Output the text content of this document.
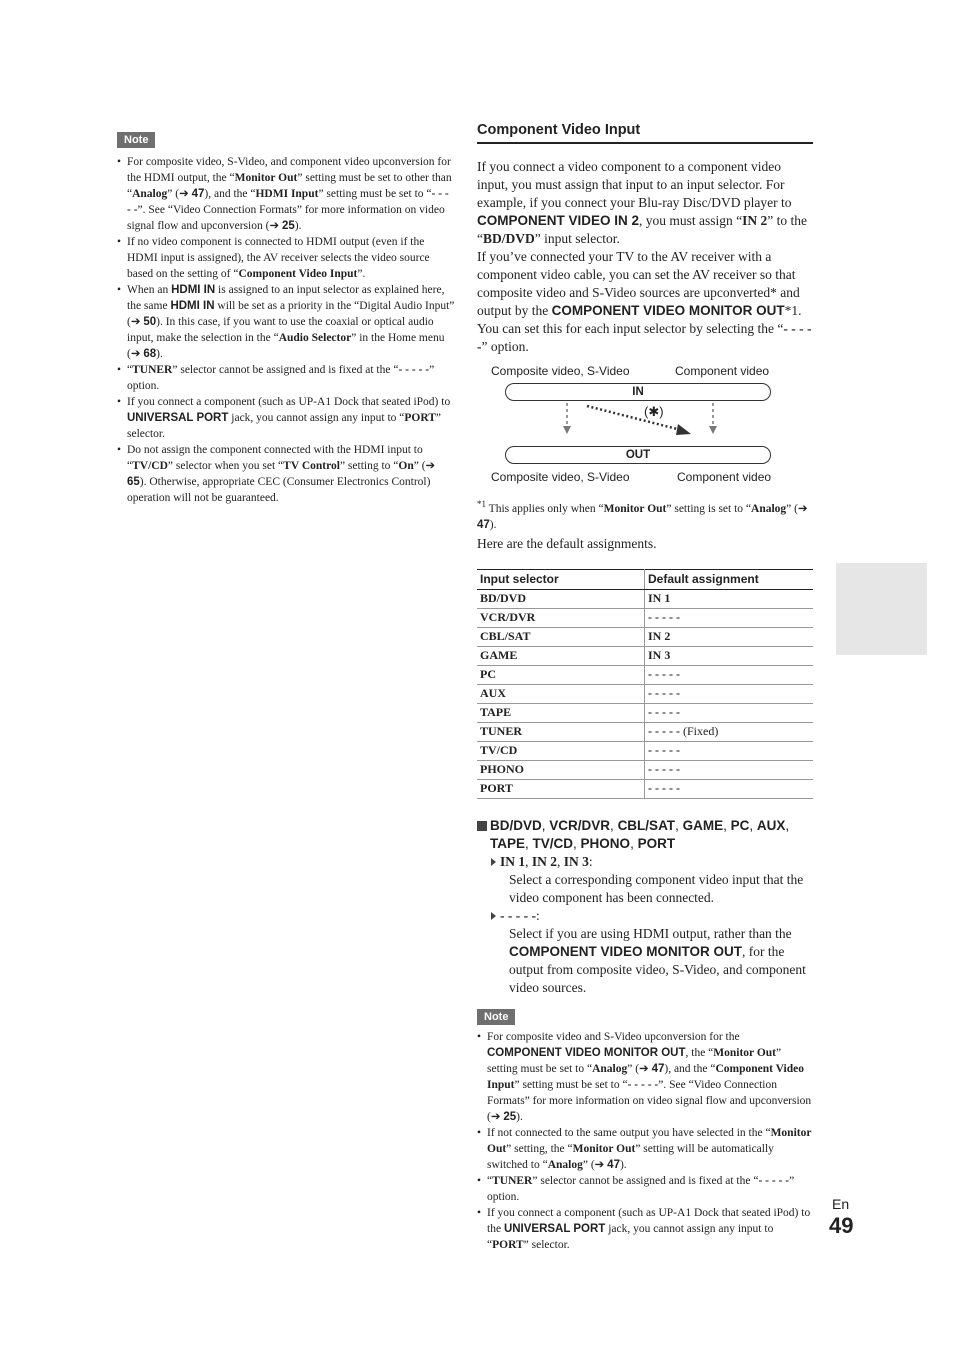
Note
• For composite video, S-Video, and component video upconversion for the HDMI output, the “Monitor Out” setting must be set to other than “Analog” (➔ 47), and the “HDMI Input” setting must be set to “- - - - -”. See “Video Connection Formats” for more information on video signal flow and upconversion (➔ 25).
• If no video component is connected to HDMI output (even if the HDMI input is assigned), the AV receiver selects the video source based on the setting of “Component Video Input”.
• When an HDMI IN is assigned to an input selector as explained here, the same HDMI IN will be set as a priority in the “Digital Audio Input” (➔ 50). In this case, if you want to use the coaxial or optical audio input, make the selection in the “Audio Selector” in the Home menu (➔ 68).
• “TUNER” selector cannot be assigned and is fixed at the “- - - - -” option.
• If you connect a component (such as UP-A1 Dock that seated iPod) to UNIVERSAL PORT jack, you cannot assign any input to “PORT” selector.
• Do not assign the component connected with the HDMI input to “TV/CD” selector when you set “TV Control” setting to “On” (➔ 65). Otherwise, appropriate CEC (Consumer Electronics Control) operation will not be guaranteed.
Component Video Input

If you connect a video component to a component video input, you must assign that input to an input selector. For example, if you connect your Blu-ray Disc/DVD player to COMPONENT VIDEO IN 2, you must assign “IN 2” to the “BD/DVD” input selector.

If you’ve connected your TV to the AV receiver with a component video cable, you can set the AV receiver so that composite video and S-Video sources are upconverted* and output by the COMPONENT VIDEO MONITOR OUT*1. You can set this for each input selector by selecting the “- - - - -” option.

Composite video, S-Video	Component video
IN
(✱)
OUT
Composite video, S-Video	Component video
$^{*1}$ This applies only when “Monitor Out” setting is set to “Analog” (➔ 47).

Here are the default assignments.

Input selector	Default assignment
BD/DVD	IN 1
VCR/DVR	- - - - -
CBL/SAT	IN 2
GAME	IN 3
PC	- - - - -
AUX	- - - - -
TAPE	- - - - -
TUNER	- - - - - (Fixed)
TV/CD	- - - - -
PHONO	- - - - -
PORT	- - - - -
BD/DVD, VCR/DVR, CBL/SAT, GAME, PC, AUX, TAPE, TV/CD, PHONO, PORT
IN 1, IN 2, IN 3:
Select a corresponding component video input that the video component has been connected.
- - - - -:
Select if you are using HDMI output, rather than the COMPONENT VIDEO MONITOR OUT, for the output from composite video, S-Video, and component video sources.
Note
• For composite video and S-Video upconversion for the COMPONENT VIDEO MONITOR OUT, the “Monitor Out” setting must be set to “Analog” (➔ 47), and the “Component Video Input” setting must be set to “- - - - -”. See “Video Connection Formats” for more information on video signal flow and upconversion (➔ 25).
• If not connected to the same output you have selected in the “Monitor Out” setting, the “Monitor Out” setting will be automatically switched to “Analog” (➔ 47).
• “TUNER” selector cannot be assigned and is fixed at the “- - - - -” option.
• If you connect a component (such as UP-A1 Dock that seated iPod) to the UNIVERSAL PORT jack, you cannot assign any input to “PORT” selector.
En
49
